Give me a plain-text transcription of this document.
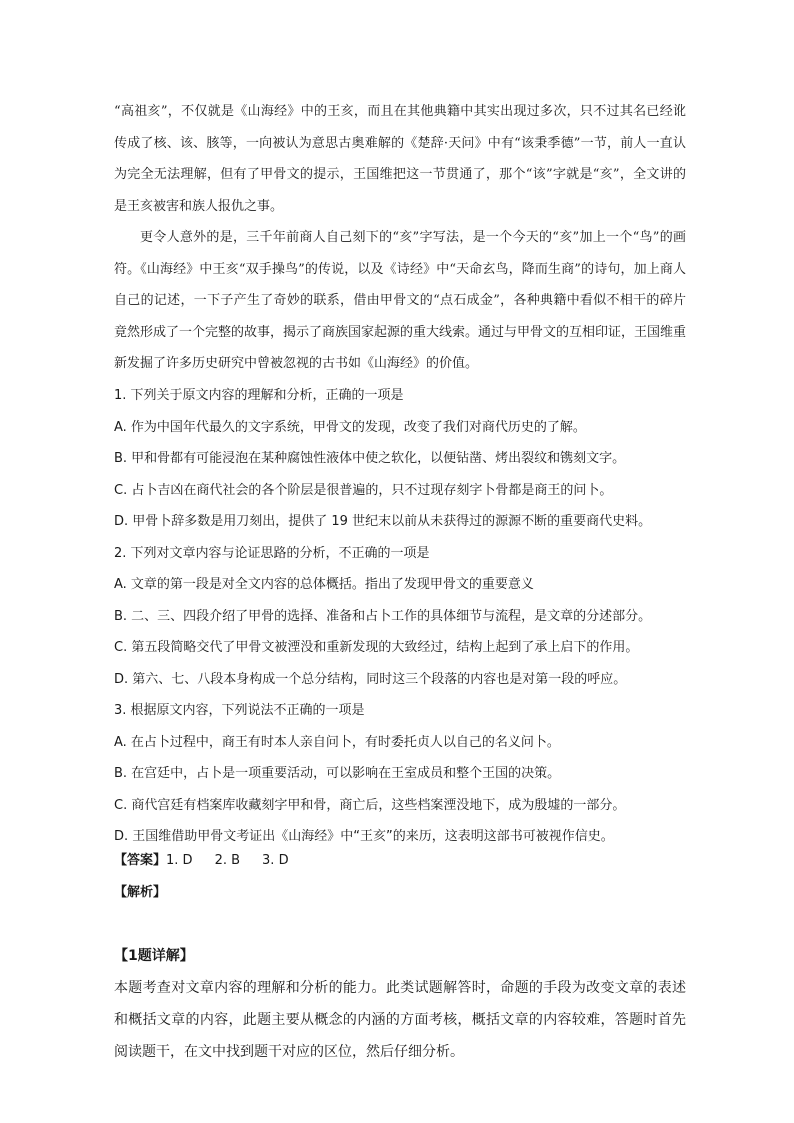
“高祖亥”，不仅就是《山海经》中的王亥，而且在其他典籍中其实出现过多次，只不过其名已经讹传成了核、该、胲等，一向被认为意思古奥难解的《楚辞·天问》中有“该秉季德”一节，前人一直认为完全无法理解，但有了甲骨文的提示，王国维把这一节贯通了，那个“该”字就是“亥”，全文讲的是王亥被害和族人报仇之事。

更令人意外的是，三千年前商人自己刻下的“亥”字写法，是一个今天的“亥”加上一个“鸟”的画符。《山海经》中王亥“双手操鸟”的传说，以及《诗经》中“天命玄鸟，降而生商”的诗句，加上商人自己的记述，一下子产生了奇妙的联系，借由甲骨文的“点石成金”，各种典籍中看似不相干的碎片竟然形成了一个完整的故事，揭示了商族国家起源的重大线索。通过与甲骨文的互相印证，王国维重新发掘了许多历史研究中曾被忽视的古书如《山海经》的价值。

1. 下列关于原文内容的理解和分析，正确的一项是
A. 作为中国年代最久的文字系统，甲骨文的发现，改变了我们对商代历史的了解。
B. 甲和骨都有可能浸泡在某种腐蚀性液体中使之软化，以便钻凿、烤出裂纹和镌刻文字。
C. 占卜吉凶在商代社会的各个阶层是很普遍的，只不过现存刻字卜骨都是商王的问卜。
D. 甲骨卜辞多数是用刀刻出，提供了 19 世纪末以前从未获得过的源源不断的重要商代史料。
2. 下列对文章内容与论证思路的分析，不正确的一项是
A. 文章的第一段是对全文内容的总体概括。指出了发现甲骨文的重要意义
B. 二、三、四段介绍了甲骨的选择、准备和占卜工作的具体细节与流程，是文章的分述部分。
C. 第五段简略交代了甲骨文被湮没和重新发现的大致经过，结构上起到了承上启下的作用。
D. 第六、七、八段本身构成一个总分结构，同时这三个段落的内容也是对第一段的呼应。
3. 根据原文内容，下列说法不正确的一项是
A. 在占卜过程中，商王有时本人亲自问卜，有时委托贞人以自己的名义问卜。
B. 在宫廷中，占卜是一项重要活动，可以影响在王室成员和整个王国的决策。
C. 商代宫廷有档案库收藏刻字甲和骨，商亡后，这些档案湮没地下，成为殷墟的一部分。
D. 王国维借助甲骨文考证出《山海经》中“王亥”的来历，这表明这部书可被视作信史。
【答案】1. D 2. B 3. D
【解析】

【1题详解】

本题考查对文章内容的理解和分析的能力。此类试题解答时，命题的手段为改变文章的表述和概括文章的内容，此题主要从概念的内涵的方面考核，概括文章的内容较难，答题时首先阅读题干，在文中找到题干对应的区位，然后仔细分析。
